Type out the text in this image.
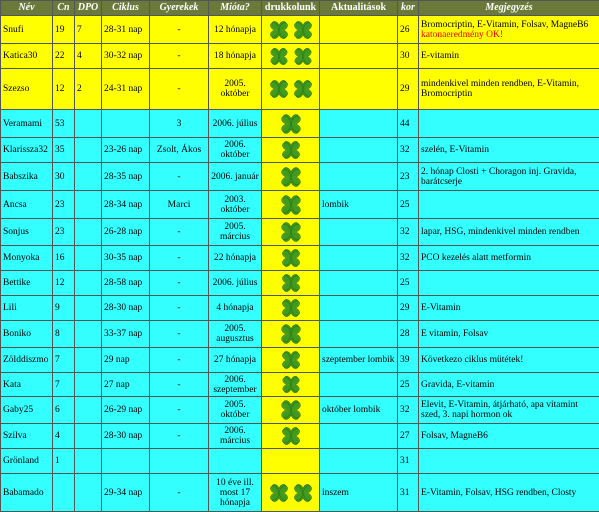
Név	Cn	DPO	Ciklus	Gyerekek	Mióta?	drukkolunk	Aktualitások	kor	Megjegyzés
Snufi	19	7	28-31 nap	-	12 hónapja			26	Bromocriptin, E-Vitamin, Folsav, MagneB6 katonaeredmény OK!
Katica30	22	4	30-32 nap	-	18 hónapja			30	E-vitamin
Szezso	12	2	24-31 nap	-	2005. október			29	mindenkivel minden rendben, E-Vitamin, Bromocriptin
Veramami	53			3	2006. július			44	
Klarissza32	35		23-26 nap	Zsolt, Ákos	2006. október			32	szelén, E-Vitamin
Babszika	30		28-35 nap	-	2006. január			23	2. hónap Closti + Choragon inj. Gravida, barátcserje
Ancsa	23		28-34 nap	Marci	2003. október		lombik	25	
Sonjus	23		26-28 nap	-	2005. március			32	lapar, HSG, mindenkivel minden rendben
Monyoka	16		30-35 nap	-	22 hónapja			32	PCO kezelés alatt metformin
Bettike	12		28-58 nap	-	2006. július			25	
Lili	9		28-30 nap	-	4 hónapja			29	E-Vitamin
Boniko	8		33-37 nap	-	2005. augusztus			28	E vitamin, Folsav
Zölddiszmo	7		29 nap	-	27 hónapja		szeptember lombik	39	Következo ciklus mütétek!
Kata	7		27 nap	-	2006. szeptember			25	Gravida, E-vitamin
Gaby25	6		26-29 nap	-	2005. október		október lombik	32	Elevit, E-Vitamin, átjárható, apa vitamint szed, 3. napi hormon ok
Szilva	4		28-30 nap	-	2006. március			27	Folsav, MagneB6
Grönland	1							31	
Babamado			29-34 nap	-	10 éve ill. most 17 hónapja		inszem	31	E-Vitamin, Folsav, HSG rendben, Closty
